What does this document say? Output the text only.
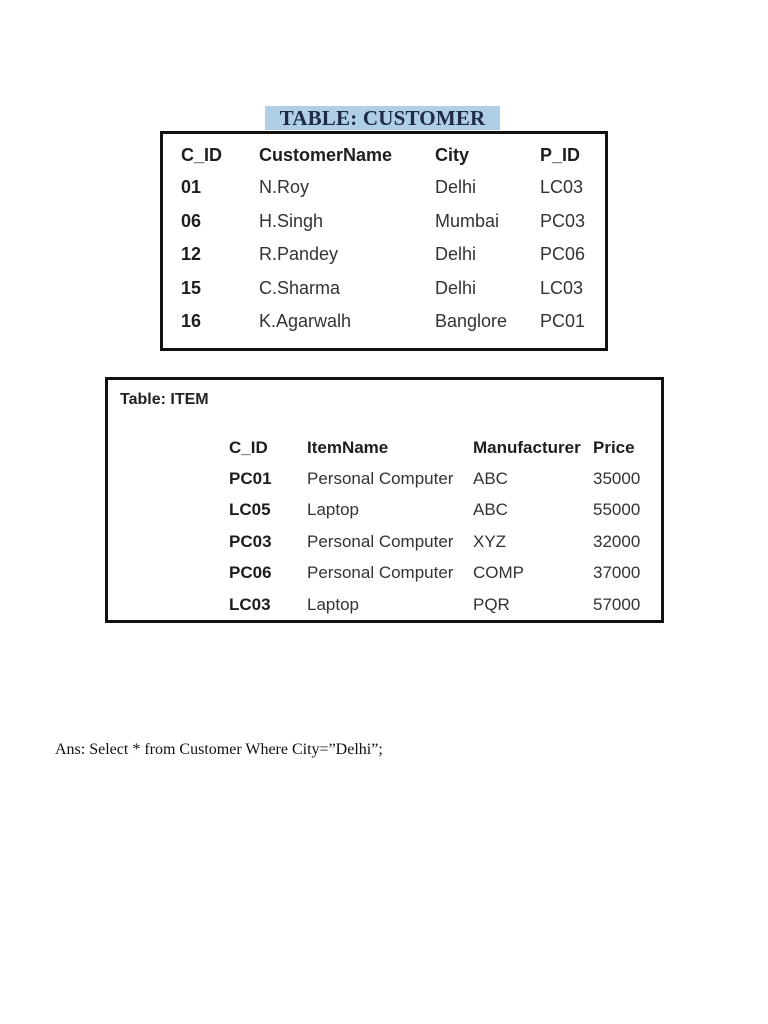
TABLE: CUSTOMER
C_ID	CustomerName	City	P_ID
01	N.Roy	Delhi	LC03
06	H.Singh	Mumbai	PC03
12	R.Pandey	Delhi	PC06
15	C.Sharma	Delhi	LC03
16	K.Agarwalh	Banglore	PC01
Table: ITEM
C_ID	ItemName	Manufacturer	Price
PC01	Personal Computer	ABC	35000
LC05	Laptop	ABC	55000
PC03	Personal Computer	XYZ	32000
PC06	Personal Computer	COMP	37000
LC03	Laptop	PQR	57000
Ans: Select * from Customer Where City=”Delhi”;
